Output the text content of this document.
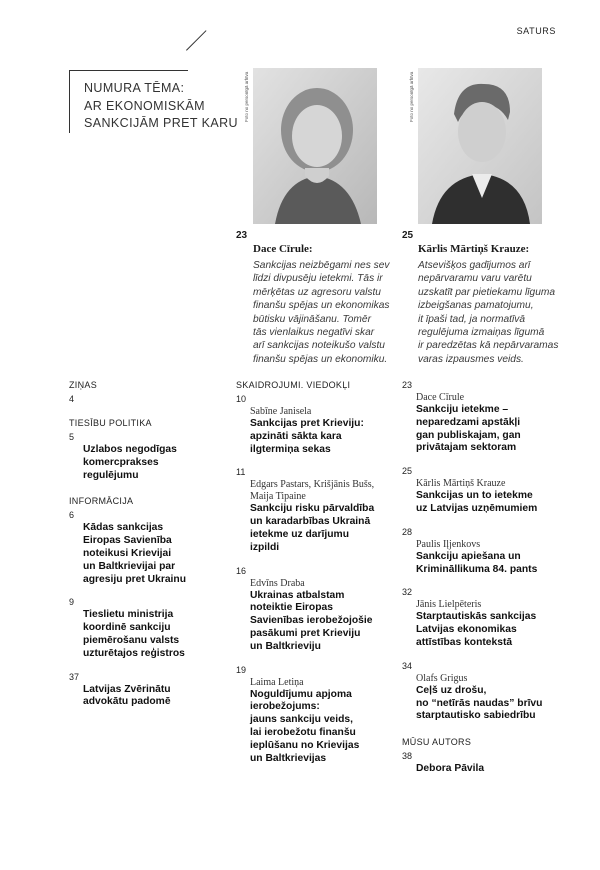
SATURS
NUMURA TĒMA:
AR EKONOMISKĀM
SANKCIJĀM PRET KARU
Foto no personīgā arhīva	Foto no personīgā arhīva
23
Dace Cīrule:
Sankcijas neizbēgami nes sev
līdzi divpusēju ietekmi. Tās ir
mērķētas uz agresoru valstu
finanšu spējas un ekonomikas
būtisku vājināšanu. Tomēr
tās vienlaikus negatīvi skar
arī sankcijas noteikušo valstu
finanšu spējas un ekonomiku.
25
Kārlis Mārtiņš Krauze:
Atsevišķos gadījumos arī
nepārvaramu varu varētu
uzskatīt par pietiekamu līguma
izbeigšanas pamatojumu,
it īpaši tad, ja normatīvā
regulējuma izmaiņas līgumā
ir paredzētas kā nepārvaramas
varas izpausmes veids.
ZIŅAS
4
TIESĪBU POLITIKA
5
Uzlabos negodīgas
komercprakses
regulējumu
INFORMĀCIJA
6
Kādas sankcijas
Eiropas Savienība
noteikusi Krievijai
un Baltkrievijai par
agresiju pret Ukrainu
9
Tieslietu ministrija
koordinē sankciju
piemērošanu valsts
uzturētajos reģistros
37
Latvijas Zvērinātu
advokātu padomē
SKAIDROJUMI. VIEDOKĻI
10
Sabīne Janisela
Sankcijas pret Krieviju:
apzināti sākta kara
ilgtermiņa sekas
11
Edgars Pastars, Krišjānis Bušs,
Maija Tipaine
Sankciju risku pārvaldība
un karadarbības Ukrainā
ietekme uz darījumu
izpildi
16
Edvīns Draba
Ukrainas atbalstam
noteiktie Eiropas
Savienības ierobežojošie
pasākumi pret Krieviju
un Baltkrieviju
19
Laima Letiņa
Noguldījumu apjoma
ierobežojums:
jauns sankciju veids,
lai ierobežotu finanšu
ieplūšanu no Krievijas
un Baltkrievijas
23
Dace Cīrule
Sankciju ietekme –
neparedzami apstākļi
gan publiskajam, gan
privātajam sektoram
25
Kārlis Mārtiņš Krauze
Sankcijas un to ietekme
uz Latvijas uzņēmumiem
28
Paulis Iļjenkovs
Sankciju apiešana un
Krimināllikuma 84. pants
32
Jānis Lielpēteris
Starptautiskās sankcijas
Latvijas ekonomikas
attīstības kontekstā
34
Olafs Grigus
Ceļš uz drošu,
no “netīrās naudas” brīvu
starptautisko sabiedrību
MŪSU AUTORS
38
Debora Pāvila
